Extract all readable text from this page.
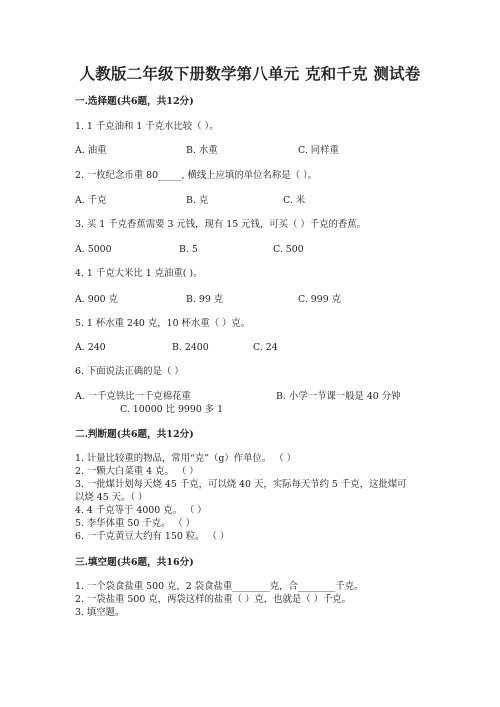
人教版二年级下册数学第八单元 克和千克 测试卷
一.选择题(共6题，共12分)
1. 1 千克油和 1 千克水比较（ ）。
A. 油重	B. 水重	C. 同样重
2. 一枚纪念币重 80_____, 横线上应填的单位名称是（ ）。
A. 千克	B. 克	C. 米
3. 买 1 千克香蕉需要 3 元钱，现有 15 元钱，可买（ ）千克的香蕉。
A. 5000	B. 5	C. 500
4. 1 千克大米比 1 克油重( )。
A. 900 克	B. 99 克	C. 999 克
5. 1 杯水重 240 克，10 杯水重（ ）克。
A. 240	B. 2400	C. 24
6. 下面说法正确的是（ ）
A. 一千克铁比一千克棉花重	B. 小学一节课一般是 40 分钟
C. 10000 比 9990 多 1
二.判断题(共6题，共12分)
1. 计量比较重的物品，常用“克”（g）作单位。 （ ）
2. 一颗大白菜重 4 克。 （ ）
3. 一批煤计划每天烧 45 千克，可以烧 40 天，实际每天节约 5 千克，这批煤可
以烧 45 天。（ ）
4. 4 千克等于 4000 克。 （ ）
5. 李华体重 50 千克。 （ ）
6. 一千克黄豆大约有 150 粒。 （ ）
三.填空题(共6题，共16分)
1. 一个袋食盐重 500 克，2 袋食盐重________克，合________千克。
2. 一袋盐重 500 克，两袋这样的盐重（ ）克，也就是（ ）千克。
3. 填空题。
